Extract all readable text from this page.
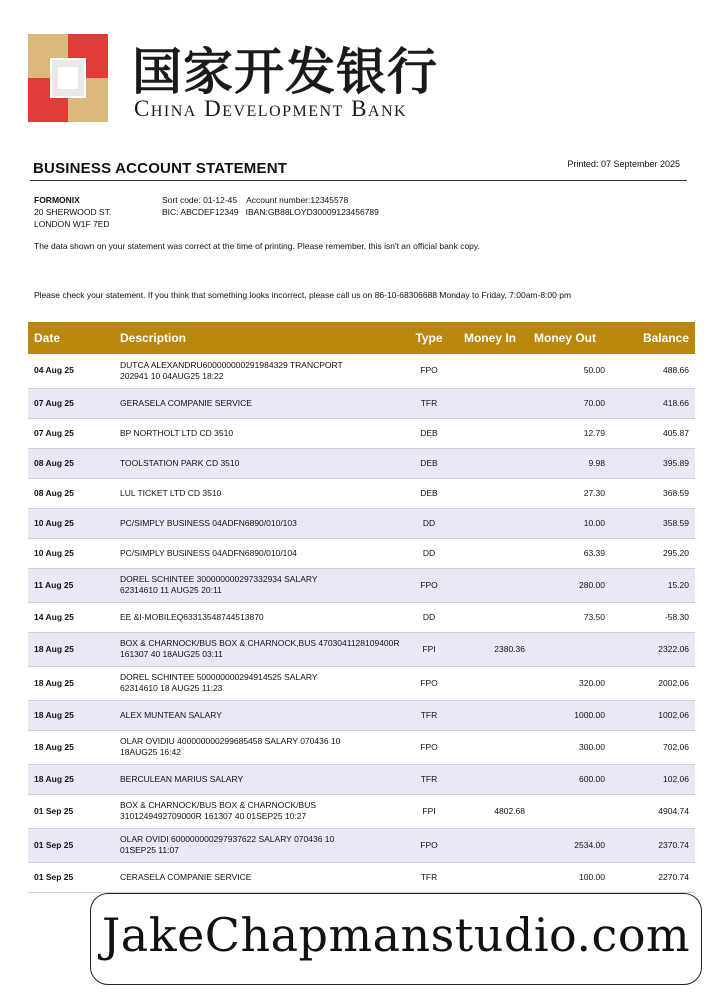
国家开发银行
China Development Bank
BUSINESS ACCOUNT STATEMENT	Printed: 07 September 2025
FORMONIX
20 SHERWOOD ST.
LONDON W1F 7ED
Sort code: 01-12-45    Account number:12345578
BIC: ABCDEF12349   IBAN:GB88LOYD30009123456789
The data shown on your statement was correct at the time of printing. Please remember, this isn't an official bank copy.
Please check your statement. If you think that something looks incorrect, please call us on 86-10-68306688 Monday to Friday, 7:00am-8:00 pm
Date	Description	Type	Money In	Money Out	Balance
04 Aug 25	DUTCA ALEXANDRU600000000291984329 TRANCPORT
202941 10 04AUG25 18:22	FPO		50.00	488.66
07 Aug 25	GERASELA COMPANIE SERVICE	TFR		70.00	418.66
07 Aug 25	BP NORTHOLT LTD CD 3510	DEB		12.79	405.87
08 Aug 25	TOOLSTATION PARK CD 3510	DEB		9.98	395.89
08 Aug 25	LUL TICKET LTD CD 3510	DEB		27.30	368.59
10 Aug 25	PC/SIMPLY BUSINESS 04ADFN6890/010/103	DD		10.00	358.59
10 Aug 25	PC/SIMPLY BUSINESS 04ADFN6890/010/104	DD		63.39	295.20
11 Aug 25	DOREL SCHINTEE 300000000297332934 SALARY
62314610 11 AUG25 20:11	FPO		280.00	15.20
14 Aug 25	EE &I-MOBILEQ63313548744513870	DD		73.50	-58.30
18 Aug 25	BOX & CHARNOCK/BUS BOX & CHARNOCK,BUS 4703041128109400R
161307 40 18AUG25 03:11	FPI	2380.36		2322.06
18 Aug 25	DOREL SCHINTEE 500000000294914525 SALARY
62314610 18 AUG25 11:23	FPO		320.00	2002.06
18 Aug 25	ALEX MUNTEAN SALARY	TFR		1000.00	1002.06
18 Aug 25	OLAR OVIDIU 400000000299685458 SALARY 070436 10
18AUG25 16:42	FPO		300.00	702.06
18 Aug 25	BERCULEAN MARIUS SALARY	TFR		600.00	102.06
01 Sep 25	BOX & CHARNOCK/BUS BOX & CHARNOCK/BUS
3101249492709000R 161307 40 01SEP25 10:27	FPI	4802.68		4904.74
01 Sep 25	OLAR OVIDI 600000000297937622 SALARY 070436 10
01SEP25 11:07	FPO		2534.00	2370.74
01 Sep 25	CERASELA COMPANIE SERVICE	TFR		100.00	2270.74
JakeChapmanstudio.com
